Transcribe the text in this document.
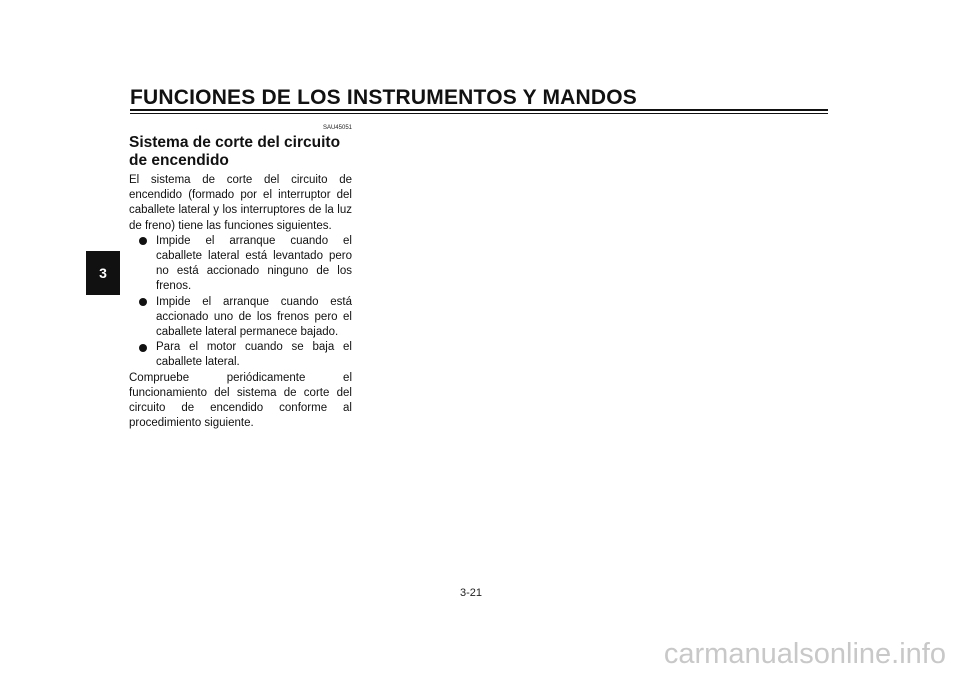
FUNCIONES DE LOS INSTRUMENTOS Y MANDOS
3
SAU45051
Sistema de corte del circuito de encendido

El sistema de corte del circuito de encendido (formado por el interruptor del caballete lateral y los interruptores de la luz de freno) tiene las funciones siguientes.

Impide el arranque cuando el caballete lateral está levantado pero no está accionado ninguno de los frenos.
Impide el arranque cuando está accionado uno de los frenos pero el caballete lateral permanece bajado.
Para el motor cuando se baja el caballete lateral.

Compruebe periódicamente el funcionamiento del sistema de corte del circuito de encendido conforme al procedimiento siguiente.

3-21
carmanualsonline.info
